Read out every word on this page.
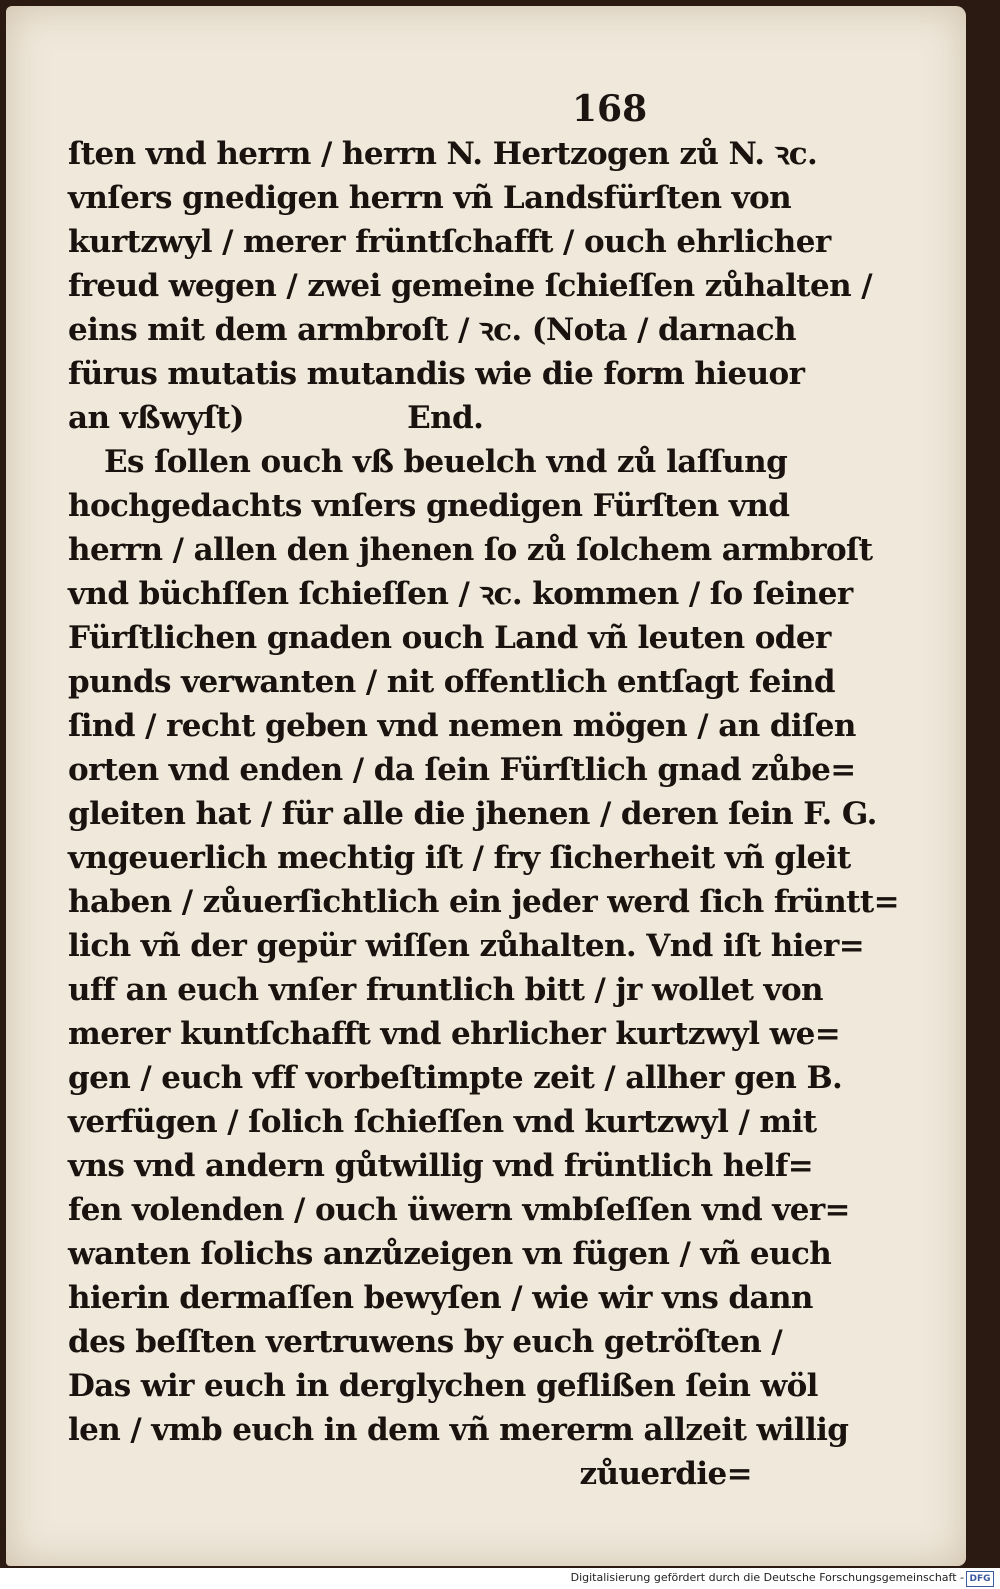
168
ſten vnd herrn / herrn N. Hertzogen zů N. ꝛc.
vnſers gnedigen herrn vñ Landsfürſten von
kurtzwyl / merer früntſchafft / ouch ehrlicher
freud wegen / zwei gemeine ſchieſſen zůhalten /
eins mit dem armbroſt / ꝛc. (Nota / darnach
fürus mutatis mutandis wie die form hieuor
an vßwyſt)                End.
Es ſollen ouch vß beuelch vnd zů laſſung
hochgedachts vnſers gnedigen Fürſten vnd
herrn / allen den jhenen ſo zů ſolchem armbroſt
vnd büchſſen ſchieſſen / ꝛc. kommen / ſo ſeiner
Fürſtlichen gnaden ouch Land vñ leuten oder
punds verwanten / nit offentlich entſagt feind
ſind / recht geben vnd nemen mögen / an diſen
orten vnd enden / da ſein Fürſtlich gnad zůbe=
gleiten hat / für alle die jhenen / deren ſein F. G.
vngeuerlich mechtig iſt / fry ſicherheit vñ gleit
haben / zůuerſichtlich ein jeder werd ſich früntt=
lich vñ der gepür wiſſen zůhalten. Vnd iſt hier=
uff an euch vnſer fruntlich bitt / jr wollet von
merer kuntſchafft vnd ehrlicher kurtzwyl we=
gen / euch vff vorbeſtimpte zeit / allher gen B.
verfügen / ſolich ſchieſſen vnd kurtzwyl / mit
vns vnd andern gůtwillig vnd früntlich helf=
fen volenden / ouch üwern vmbſeſſen vnd ver=
wanten ſolichs anzůzeigen vn fügen / vñ euch
hierin dermaſſen bewyſen / wie wir vns dann
des beſſten vertruwens by euch getröſten /
Das wir euch in derglychen geflißen ſein wöl
len / vmb euch in dem vñ mererm allzeit willig
zůuerdie=
Digitalisierung gefördert durch die Deutsche Forschungsgemeinschaft - DFG
